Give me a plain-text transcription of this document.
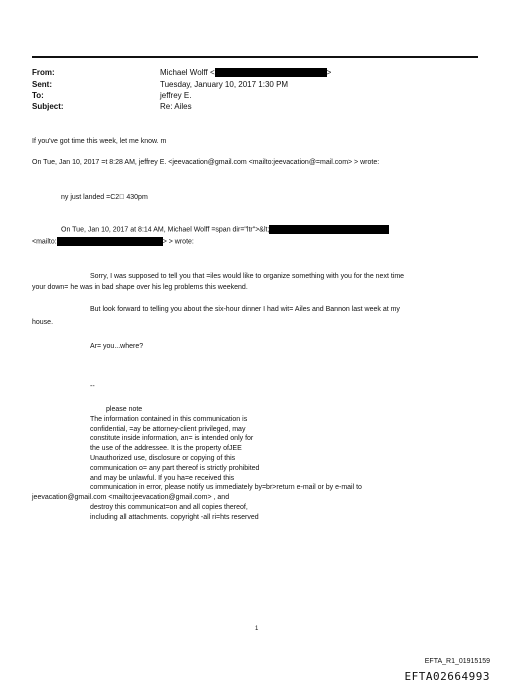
From:	Michael Wolff <	>
Sent:	Tuesday, January 10, 2017 1:30 PM
To:	jeffrey E.
Subject:	Re: Ailes
If you've got time this week, let me know. m
On Tue, Jan 10, 2017 =t 8:28 AM, jeffrey E. <jeevacation@gmail.com <mailto:jeevacation@=mail.com> > wrote:
ny just landed =C2  430pm
On Tue, Jan 10, 2017 at 8:14 AM, Michael Wolff =span dir="ltr">&lt;
<mailto:	> > wrote:
Sorry, I was supposed to tell you that =iles would like to organize something with you for the next time
your down= he was in bad shape over his leg problems this weekend.
But look forward to telling you about the six-hour dinner I had wit= Ailes and Bannon last week at my
house.
Ar= you...where?
--
please note
The information contained in this communication is
confidential, =ay be attorney-client privileged, may
constitute inside information, an= is intended only for
the use of the addressee. It is the property ofJEE
Unauthorized use, disclosure or copying of this
communication o= any part thereof is strictly prohibited
and may be unlawful. If you ha=e received this
communication in error, please notify us immediately by=br>return e-mail or by e-mail to
jeevacation@gmail.com <mailto:jeevacation@gmail.com> , and
destroy this communicat=on and all copies thereof,
including all attachments. copyright -all ri=hts reserved
1
EFTA_R1_01915159
EFTA02664993
